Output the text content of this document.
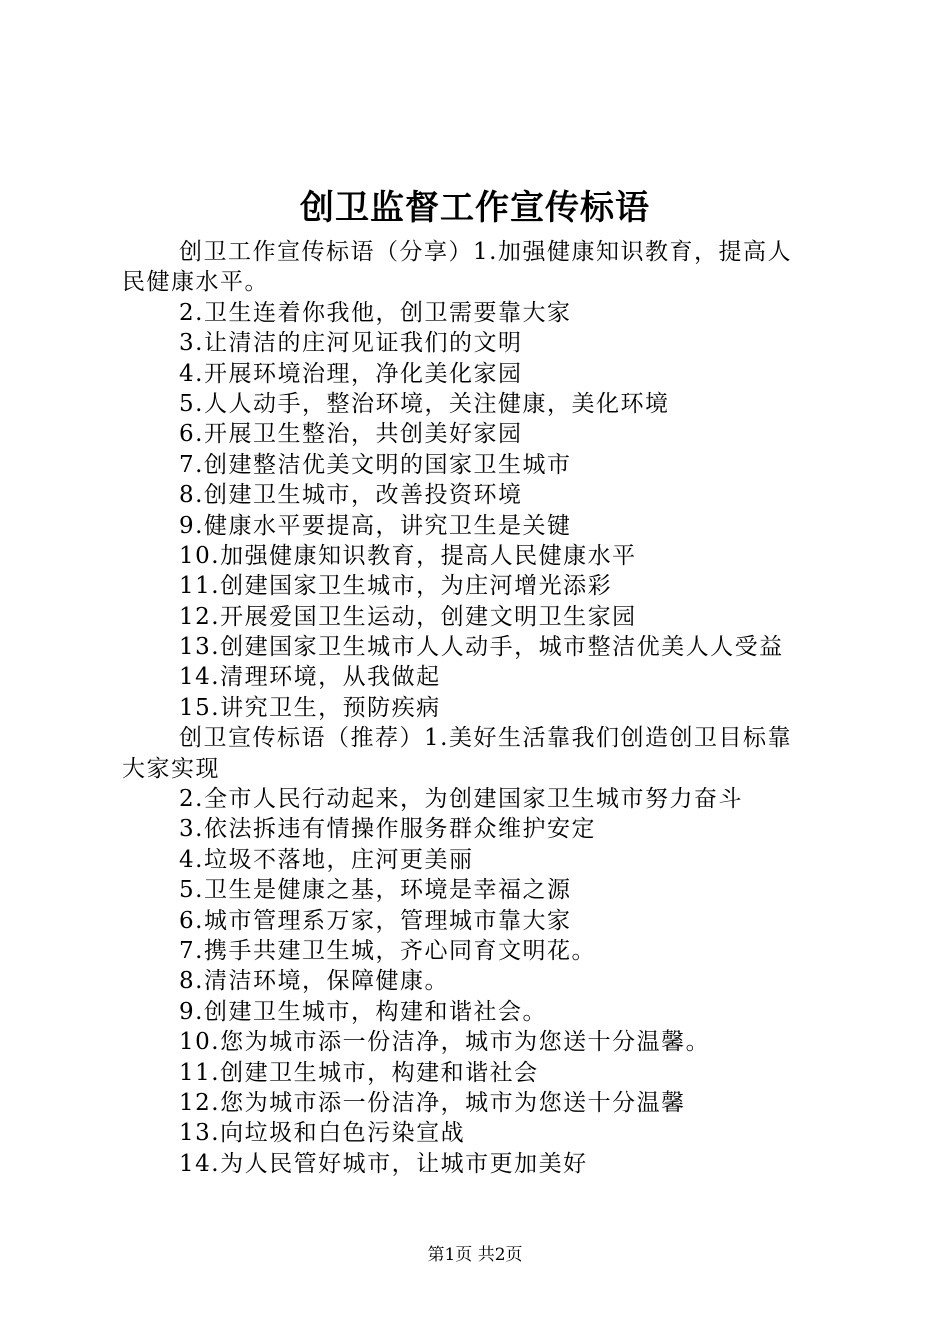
创卫监督工作宣传标语
创卫工作宣传标语（分享）1.加强健康知识教育，提高人
民健康水平。
2.卫生连着你我他，创卫需要靠大家
3.让清洁的庄河见证我们的文明
4.开展环境治理，净化美化家园
5.人人动手，整治环境，关注健康，美化环境
6.开展卫生整治，共创美好家园
7.创建整洁优美文明的国家卫生城市
8.创建卫生城市，改善投资环境
9.健康水平要提高，讲究卫生是关键
10.加强健康知识教育，提高人民健康水平
11.创建国家卫生城市，为庄河增光添彩
12.开展爱国卫生运动，创建文明卫生家园
13.创建国家卫生城市人人动手，城市整洁优美人人受益
14.清理环境，从我做起
15.讲究卫生，预防疾病
创卫宣传标语（推荐）1.美好生活靠我们创造创卫目标靠
大家实现
2.全市人民行动起来，为创建国家卫生城市努力奋斗
3.依法拆违有情操作服务群众维护安定
4.垃圾不落地，庄河更美丽
5.卫生是健康之基，环境是幸福之源
6.城市管理系万家，管理城市靠大家
7.携手共建卫生城，齐心同育文明花。
8.清洁环境，保障健康。
9.创建卫生城市，构建和谐社会。
10.您为城市添一份洁净，城市为您送十分温馨。
11.创建卫生城市，构建和谐社会
12.您为城市添一份洁净，城市为您送十分温馨
13.向垃圾和白色污染宣战
14.为人民管好城市，让城市更加美好
第1页 共2页
